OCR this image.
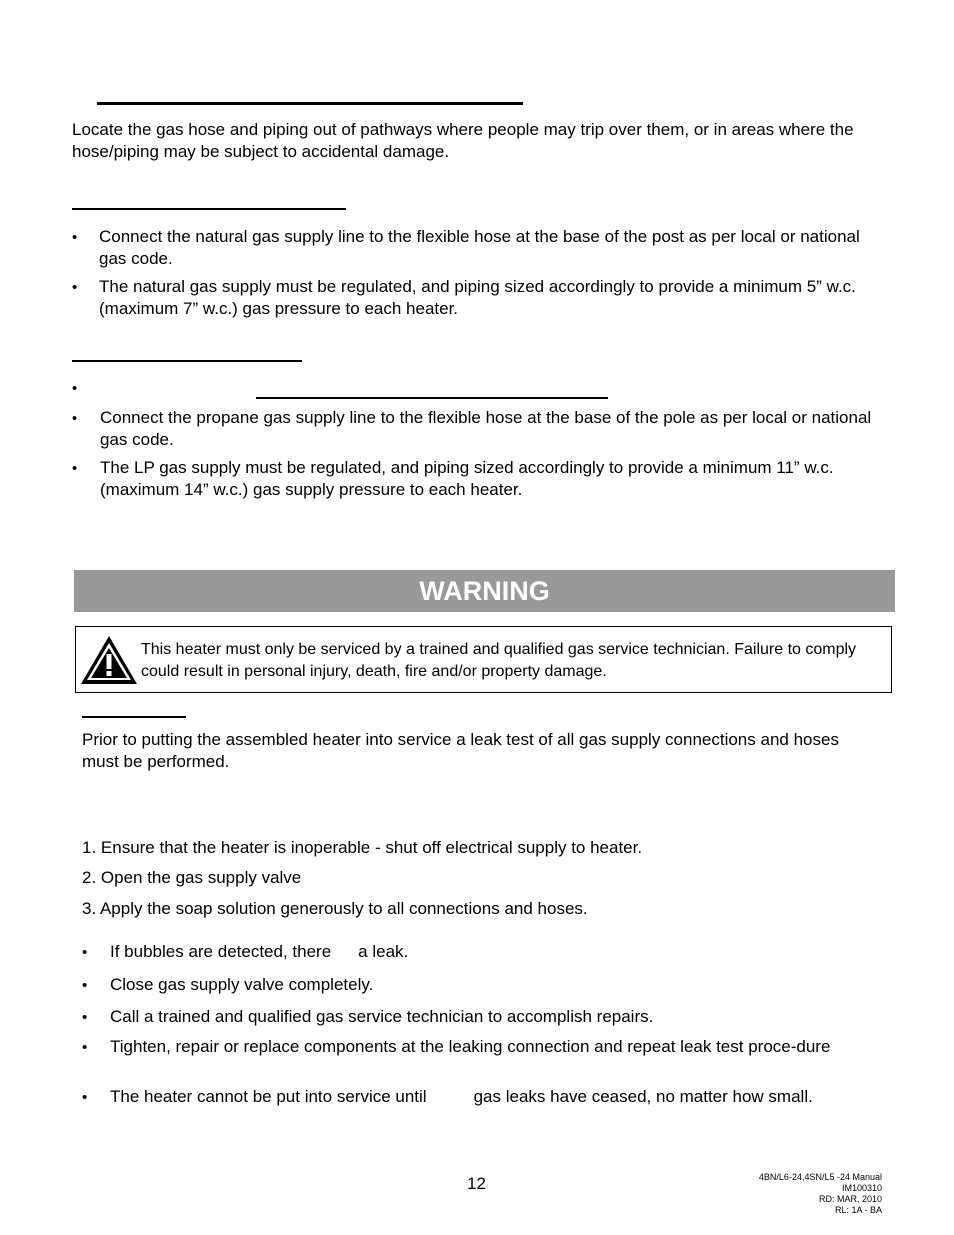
Locate the gas hose and piping out of pathways where people may trip over them, or in areas where the hose/piping may be subject to accidental damage.
• Connect the natural gas supply line to the flexible hose at the base of the post as per local or national gas code.
• The natural gas supply must be regulated, and piping sized accordingly to provide a minimum 5” w.c. (maximum 7” w.c.) gas pressure to each heater.
•
• Connect the propane gas supply line to the flexible hose at the base of the pole as per local or national gas code.
• The LP gas supply must be regulated, and piping sized accordingly to provide a minimum 11” w.c. (maximum 14” w.c.) gas supply pressure to each heater.
WARNING
This heater must only be serviced by a trained and qualified gas service technician. Failure to comply could result in personal injury, death, fire and/or property damage.
Prior to putting the assembled heater into service a leak test of all gas supply connections and hoses must be performed.
1. Ensure that the heater is inoperable - shut off electrical supply to heater.
2. Open the gas supply valve
3. Apply the soap solution generously to all connections and hoses.
• If bubbles are detected, there a leak.
• Close gas supply valve completely.
• Call a trained and qualified gas service technician to accomplish repairs.
• Tighten, repair or replace components at the leaking connection and repeat leak test proce-dure
• The heater cannot be put into service until	gas leaks have ceased, no matter how small.
12	4BN/L6-24,4SN/L5 -24 Manual
IM100310
RD: MAR, 2010
RL: 1A - BA
